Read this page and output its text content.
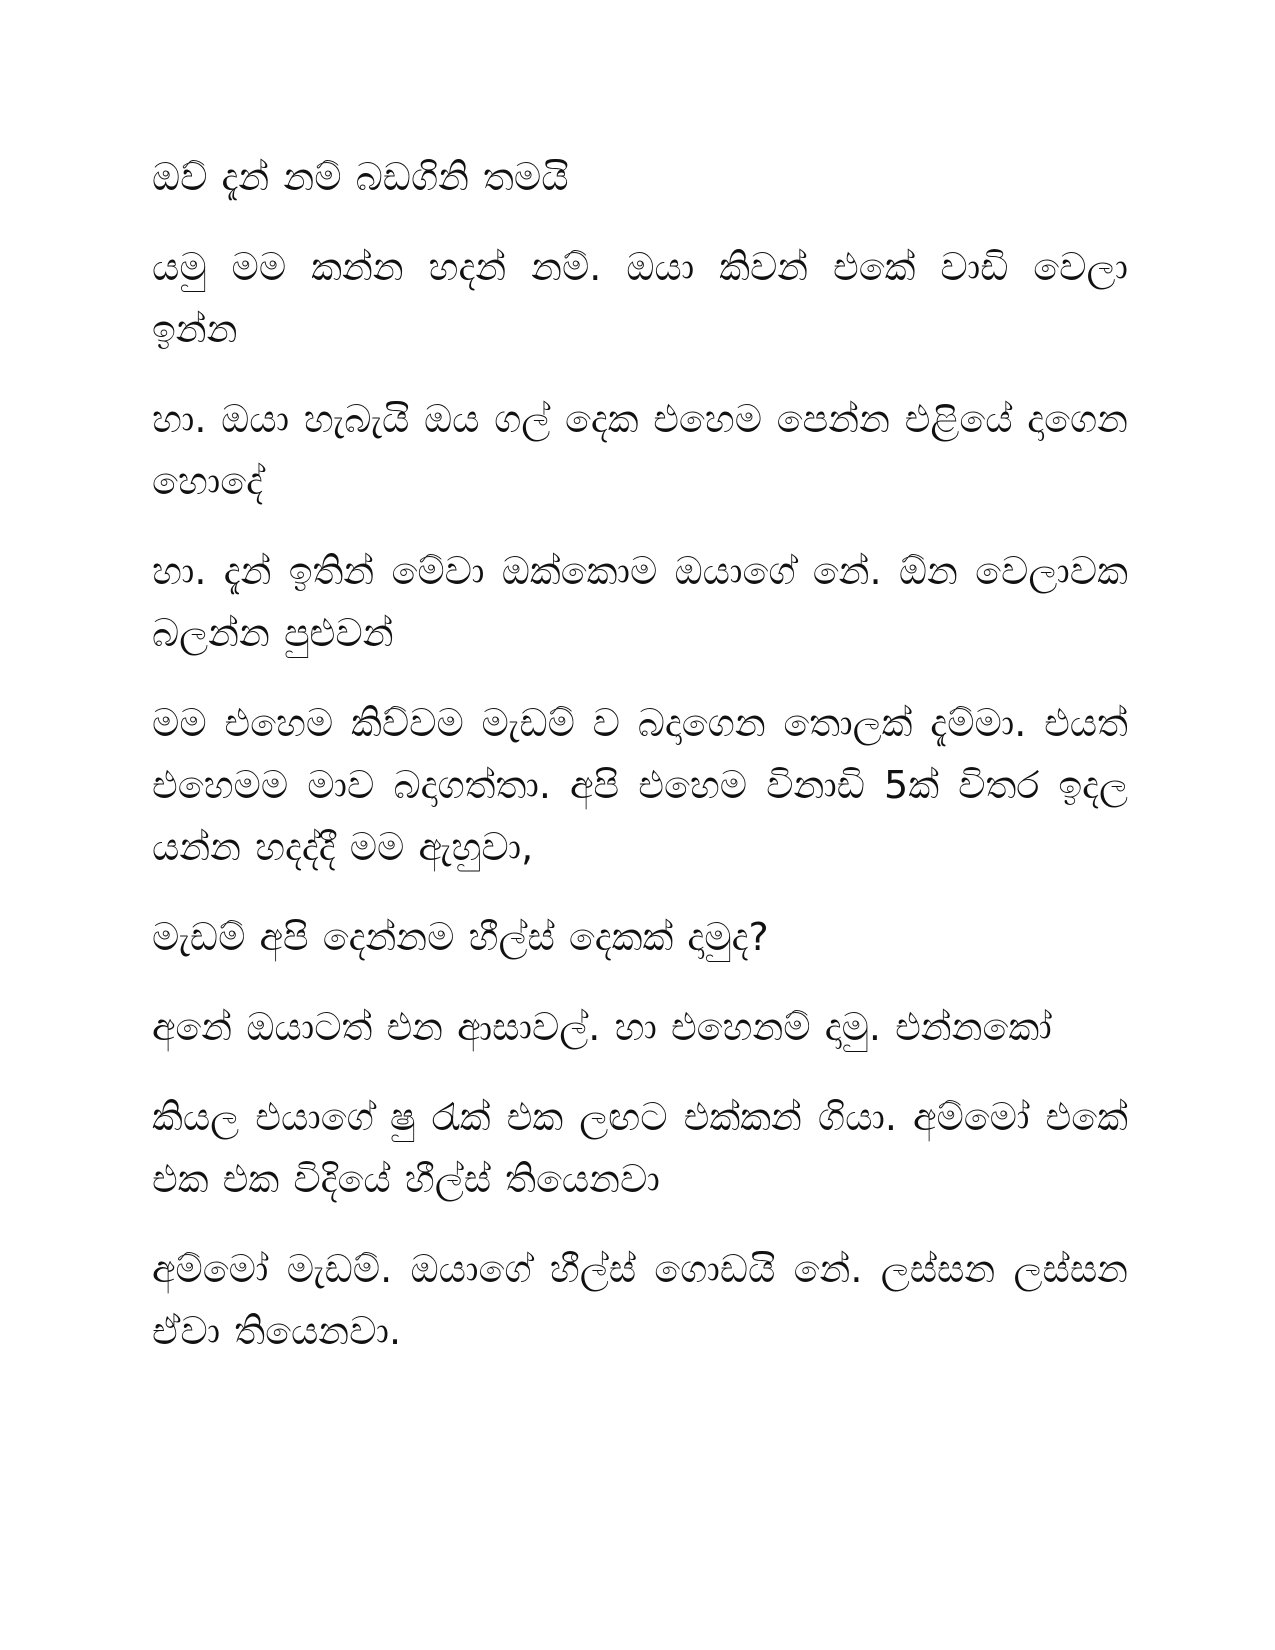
ඔව් දැන් නම් බඩගිනි තමයි

යමු මම කන්න හදන් නම්. ඔයා කිවන් එකේ වාඩි වෙලා ඉන්න

හා. ඔයා හැබැයි ඔය ගල් දෙක එහෙම පෙන්න එළියේ දාගෙන හොදේ

හා. දැන් ඉතින් මේවා ඔක්කොම ඔයාගේ නේ. ඕන වෙලාවක බලන්න පුළුවන්

මම එහෙම කිව්වම මැඩම් ව බදාගෙන තොලක් දැම්මා. එයත් එහෙමම මාව බදාගත්තා. අපි එහෙම විනාඩි 5ක් විතර ඉදල යන්න හදද්දී මම ඇහුවා,

මැඩම් අපි දෙන්නම හීල්ස් දෙකක් දාමුද?

අනේ ඔයාටත් එන ආසාවල්. හා එහෙනම් දාමු. එන්නකෝ

කියල එයාගේ ෂු රැක් එක ලඟට එක්කන් ගියා. අම්මෝ එකේ එක එක විදියේ හීල්ස් තියෙනවා

අම්මෝ මැඩම්. ඔයාගේ හීල්ස් ගොඩයි නේ. ලස්සන ලස්සන ඒවා තියෙනවා.
